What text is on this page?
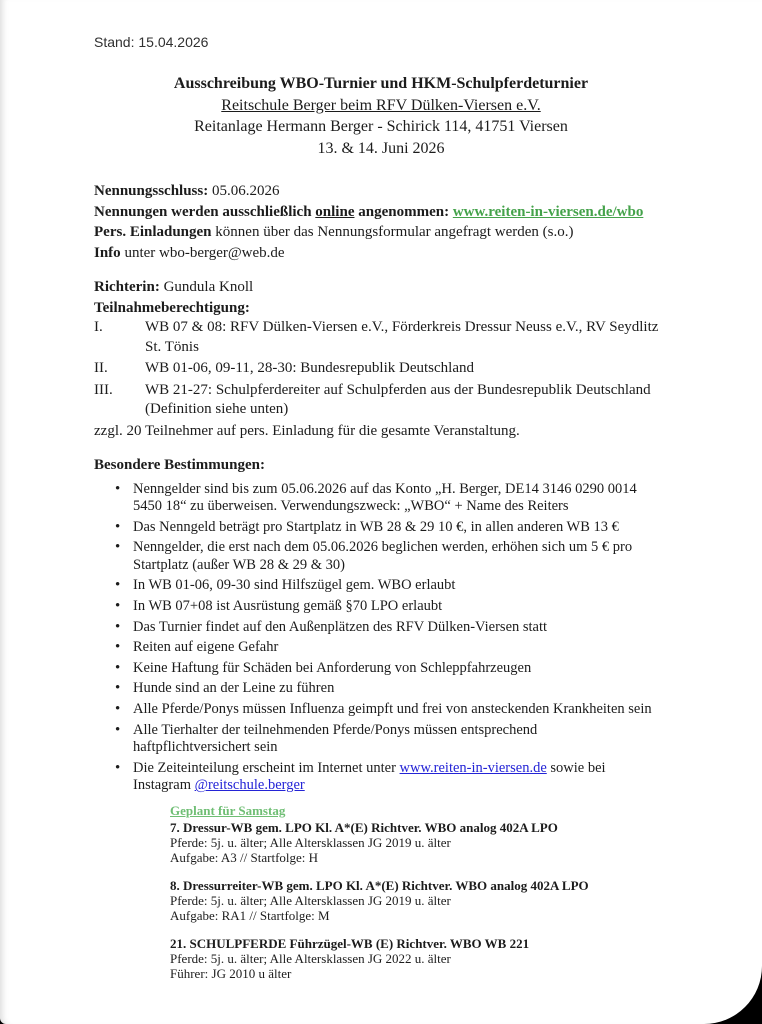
Stand: 15.04.2026
Ausschreibung WBO-Turnier und HKM-Schulpferdeturnier
Reitschule Berger beim RFV Dülken-Viersen e.V.
Reitanlage Hermann Berger - Schirick 114, 41751 Viersen
13. & 14. Juni 2026
Nennungsschluss: 05.06.2026
Nennungen werden ausschließlich online angenommen: www.reiten-in-viersen.de/wbo
Pers. Einladungen können über das Nennungsformular angefragt werden (s.o.)
Info unter wbo-berger@web.de
Richterin: Gundula Knoll
Teilnahmeberechtigung:
I.	WB 07 & 08: RFV Dülken-Viersen e.V., Förderkreis Dressur Neuss e.V., RV Seydlitz
St. Tönis
II.	WB 01-06, 09-11, 28-30: Bundesrepublik Deutschland
III.	WB 21-27: Schulpferdereiter auf Schulpferden aus der Bundesrepublik Deutschland
(Definition siehe unten)
zzgl. 20 Teilnehmer auf pers. Einladung für die gesamte Veranstaltung.
Besondere Bestimmungen:
• Nenngelder sind bis zum 05.06.2026 auf das Konto „H. Berger, DE14 3146 0290 0014
5450 18“ zu überweisen. Verwendungszweck: „WBO“ + Name des Reiters
• Das Nenngeld beträgt pro Startplatz in WB 28 & 29 10 €, in allen anderen WB 13 €
• Nenngelder, die erst nach dem 05.06.2026 beglichen werden, erhöhen sich um 5 € pro
Startplatz (außer WB 28 & 29 & 30)
• In WB 01-06, 09-30 sind Hilfszügel gem. WBO erlaubt
• In WB 07+08 ist Ausrüstung gemäß §70 LPO erlaubt
• Das Turnier findet auf den Außenplätzen des RFV Dülken-Viersen statt
• Reiten auf eigene Gefahr
• Keine Haftung für Schäden bei Anforderung von Schleppfahrzeugen
• Hunde sind an der Leine zu führen
• Alle Pferde/Ponys müssen Influenza geimpft und frei von ansteckenden Krankheiten sein
• Alle Tierhalter der teilnehmenden Pferde/Ponys müssen entsprechend
haftpflichtversichert sein
• Die Zeiteinteilung erscheint im Internet unter www.reiten-in-viersen.de sowie bei
Instagram @reitschule.berger
Geplant für Samstag
7. Dressur-WB gem. LPO Kl. A*(E) Richtver. WBO analog 402A LPO
Pferde: 5j. u. älter; Alle Altersklassen JG 2019 u. älter
Aufgabe: A3 // Startfolge: H
8. Dressurreiter-WB gem. LPO Kl. A*(E) Richtver. WBO analog 402A LPO
Pferde: 5j. u. älter; Alle Altersklassen JG 2019 u. älter
Aufgabe: RA1 // Startfolge: M
21. SCHULPFERDE Führzügel-WB (E) Richtver. WBO WB 221
Pferde: 5j. u. älter; Alle Altersklassen JG 2022 u. älter
Führer: JG 2010 u älter
